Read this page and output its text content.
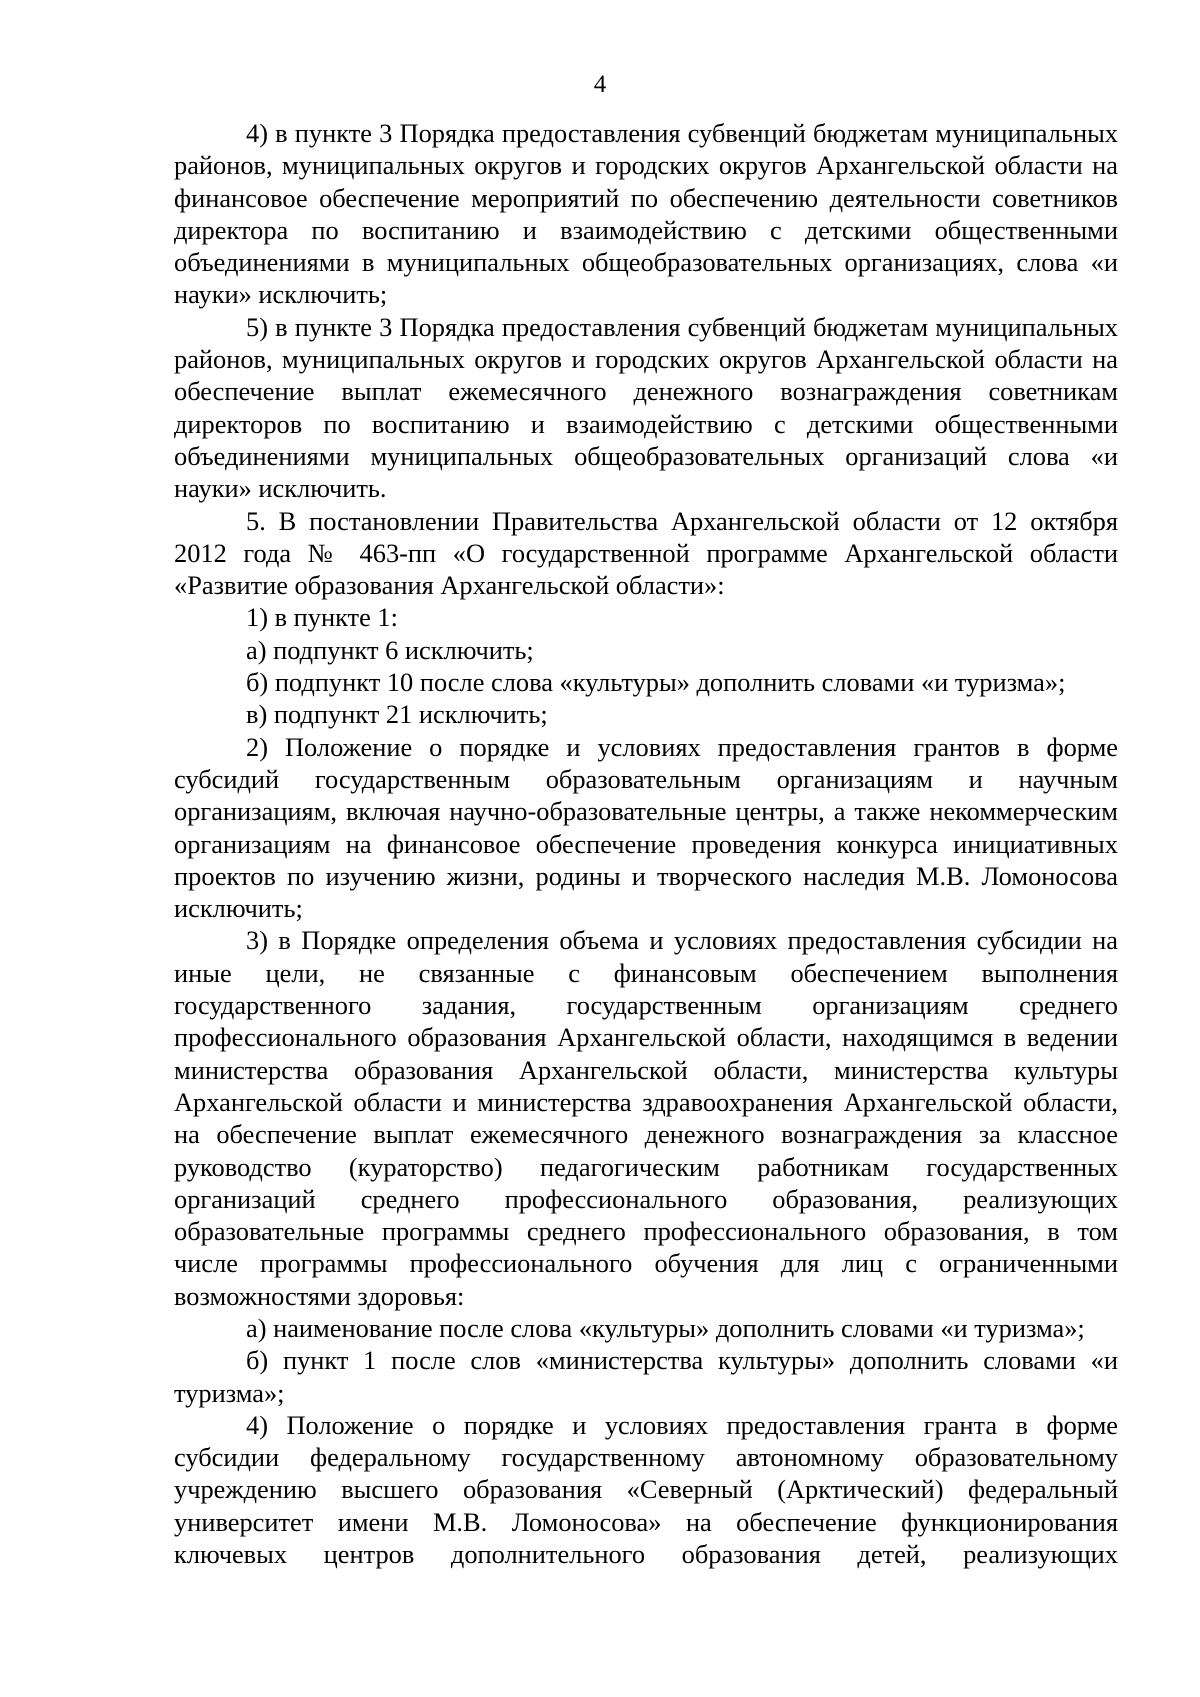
4

4) в пункте 3 Порядка предоставления субвенций бюджетам муниципальных районов, муниципальных округов и городских округов Архангельской области на финансовое обеспечение мероприятий по обеспечению деятельности советников директора по воспитанию и взаимодействию с детскими общественными объединениями в муниципальных общеобразовательных организациях, слова «и науки» исключить;

5) в пункте 3 Порядка предоставления субвенций бюджетам муниципальных районов, муниципальных округов и городских округов Архангельской области на обеспечение выплат ежемесячного денежного вознаграждения советникам директоров по воспитанию и взаимодействию с детскими общественными объединениями муниципальных общеобразовательных организаций слова «и науки» исключить.

5. В постановлении Правительства Архангельской области от 12 октября 2012 года № 463-пп «О государственной программе Архангельской области «Развитие образования Архангельской области»:

1) в пункте 1:

а) подпункт 6 исключить;

б) подпункт 10 после слова «культуры» дополнить словами «и туризма»;

в) подпункт 21 исключить;

2) Положение о порядке и условиях предоставления грантов в форме субсидий государственным образовательным организациям и научным организациям, включая научно-образовательные центры, а также некоммерческим организациям на финансовое обеспечение проведения конкурса инициативных проектов по изучению жизни, родины и творческого наследия М.В. Ломоносова исключить;

3) в Порядке определения объема и условиях предоставления субсидии на иные цели, не связанные с финансовым обеспечением выполнения государственного задания, государственным организациям среднего профессионального образования Архангельской области, находящимся в ведении министерства образования Архангельской области, министерства культуры Архангельской области и министерства здравоохранения Архангельской области, на обеспечение выплат ежемесячного денежного вознаграждения за классное руководство (кураторство) педагогическим работникам государственных организаций среднего профессионального образования, реализующих образовательные программы среднего профессионального образования, в том числе программы профессионального обучения для лиц с ограниченными возможностями здоровья:

а) наименование после слова «культуры» дополнить словами «и туризма»;

б) пункт 1 после слов «министерства культуры» дополнить словами «и туризма»;

4) Положение о порядке и условиях предоставления гранта в форме субсидии федеральному государственному автономному образовательному учреждению высшего образования «Северный (Арктический) федеральный университет имени М.В. Ломоносова» на обеспечение функционирования ключевых центров дополнительного образования детей, реализующих
